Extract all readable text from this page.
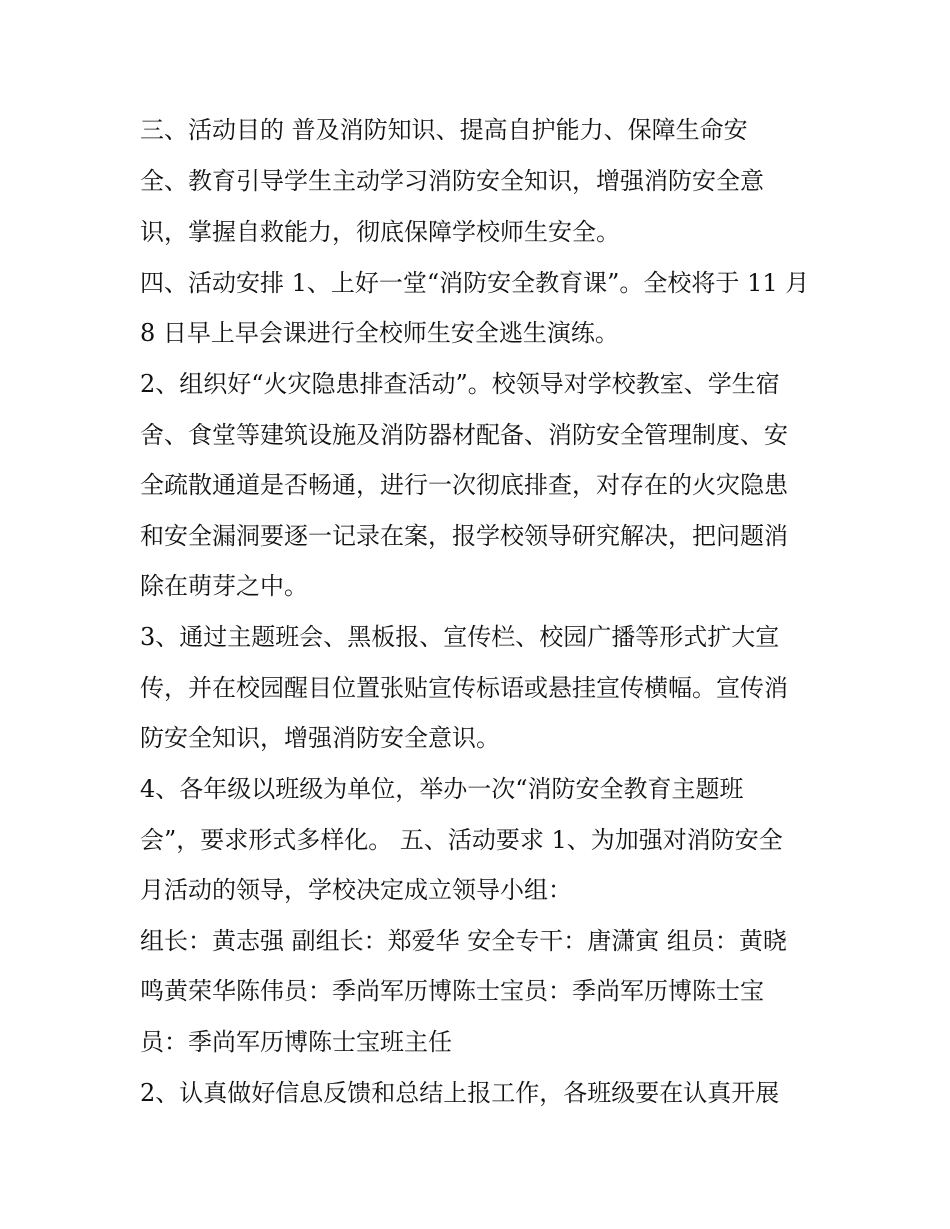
三、活动目的 普及消防知识、提高自护能力、保障生命安
全、教育引导学生主动学习消防安全知识，增强消防安全意
识，掌握自救能力，彻底保障学校师生安全。
四、活动安排 1、上好一堂“消防安全教育课”。全校将于 11 月
8 日早上早会课进行全校师生安全逃生演练。
2、组织好“火灾隐患排查活动”。校领导对学校教室、学生宿
舍、食堂等建筑设施及消防器材配备、消防安全管理制度、安
全疏散通道是否畅通，进行一次彻底排查，对存在的火灾隐患
和安全漏洞要逐一记录在案，报学校领导研究解决，把问题消
除在萌芽之中。
3、通过主题班会、黑板报、宣传栏、校园广播等形式扩大宣
传，并在校园醒目位置张贴宣传标语或悬挂宣传横幅。宣传消
防安全知识，增强消防安全意识。
4、各年级以班级为单位，举办一次“消防安全教育主题班
会”，要求形式多样化。 五、活动要求 1、为加强对消防安全
月活动的领导，学校决定成立领导小组：
组长：黄志强 副组长：郑爱华 安全专干：唐潇寅 组员：黄晓
鸣黄荣华陈伟员：季尚军历博陈士宝员：季尚军历博陈士宝
员：季尚军历博陈士宝班主任
2、认真做好信息反馈和总结上报工作，各班级要在认真开展
